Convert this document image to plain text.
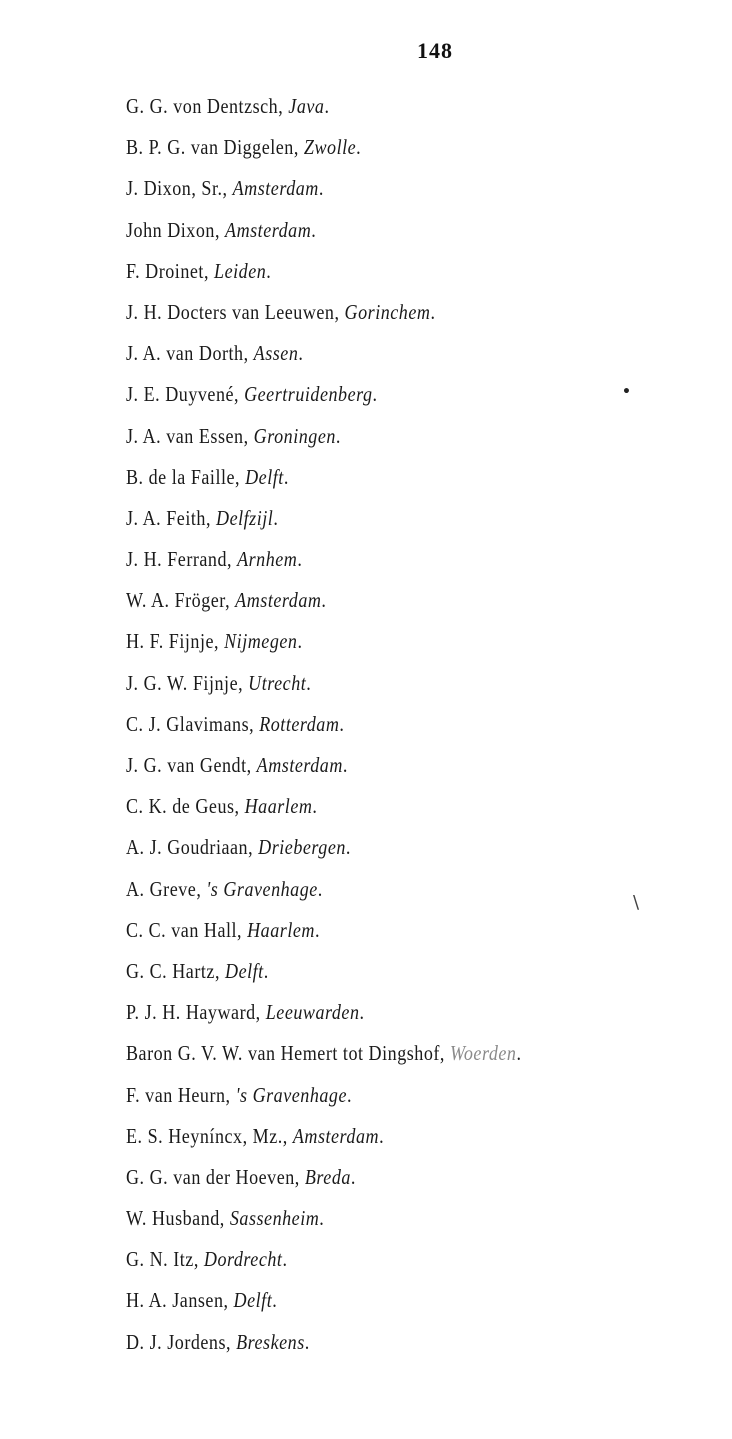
148
G. G. von Dentzsch, Java.
B. P. G. van Diggelen, Zwolle.
J. Dixon, Sr., Amsterdam.
John Dixon, Amsterdam.
F. Droinet, Leiden.
J. H. Docters van Leeuwen, Gorinchem.
J. A. van Dorth, Assen.
J. E. Duyvené, Geertruidenberg.
J. A. van Essen, Groningen.
B. de la Faille, Delft.
J. A. Feith, Delfzijl.
J. H. Ferrand, Arnhem.
W. A. Fröger, Amsterdam.
H. F. Fijnje, Nijmegen.
J. G. W. Fijnje, Utrecht.
C. J. Glavimans, Rotterdam.
J. G. van Gendt, Amsterdam.
C. K. de Geus, Haarlem.
A. J. Goudriaan, Driebergen.
A. Greve, 's Gravenhage.
C. C. van Hall, Haarlem.
G. C. Hartz, Delft.
P. J. H. Hayward, Leeuwarden.
Baron G. V. W. van Hemert tot Dingshof, Woerden.
F. van Heurn, 's Gravenhage.
E. S. Heyníncx, Mz., Amsterdam.
G. G. van der Hoeven, Breda.
W. Husband, Sassenheim.
G. N. Itz, Dordrecht.
H. A. Jansen, Delft.
D. J. Jordens, Breskens.
•
\
